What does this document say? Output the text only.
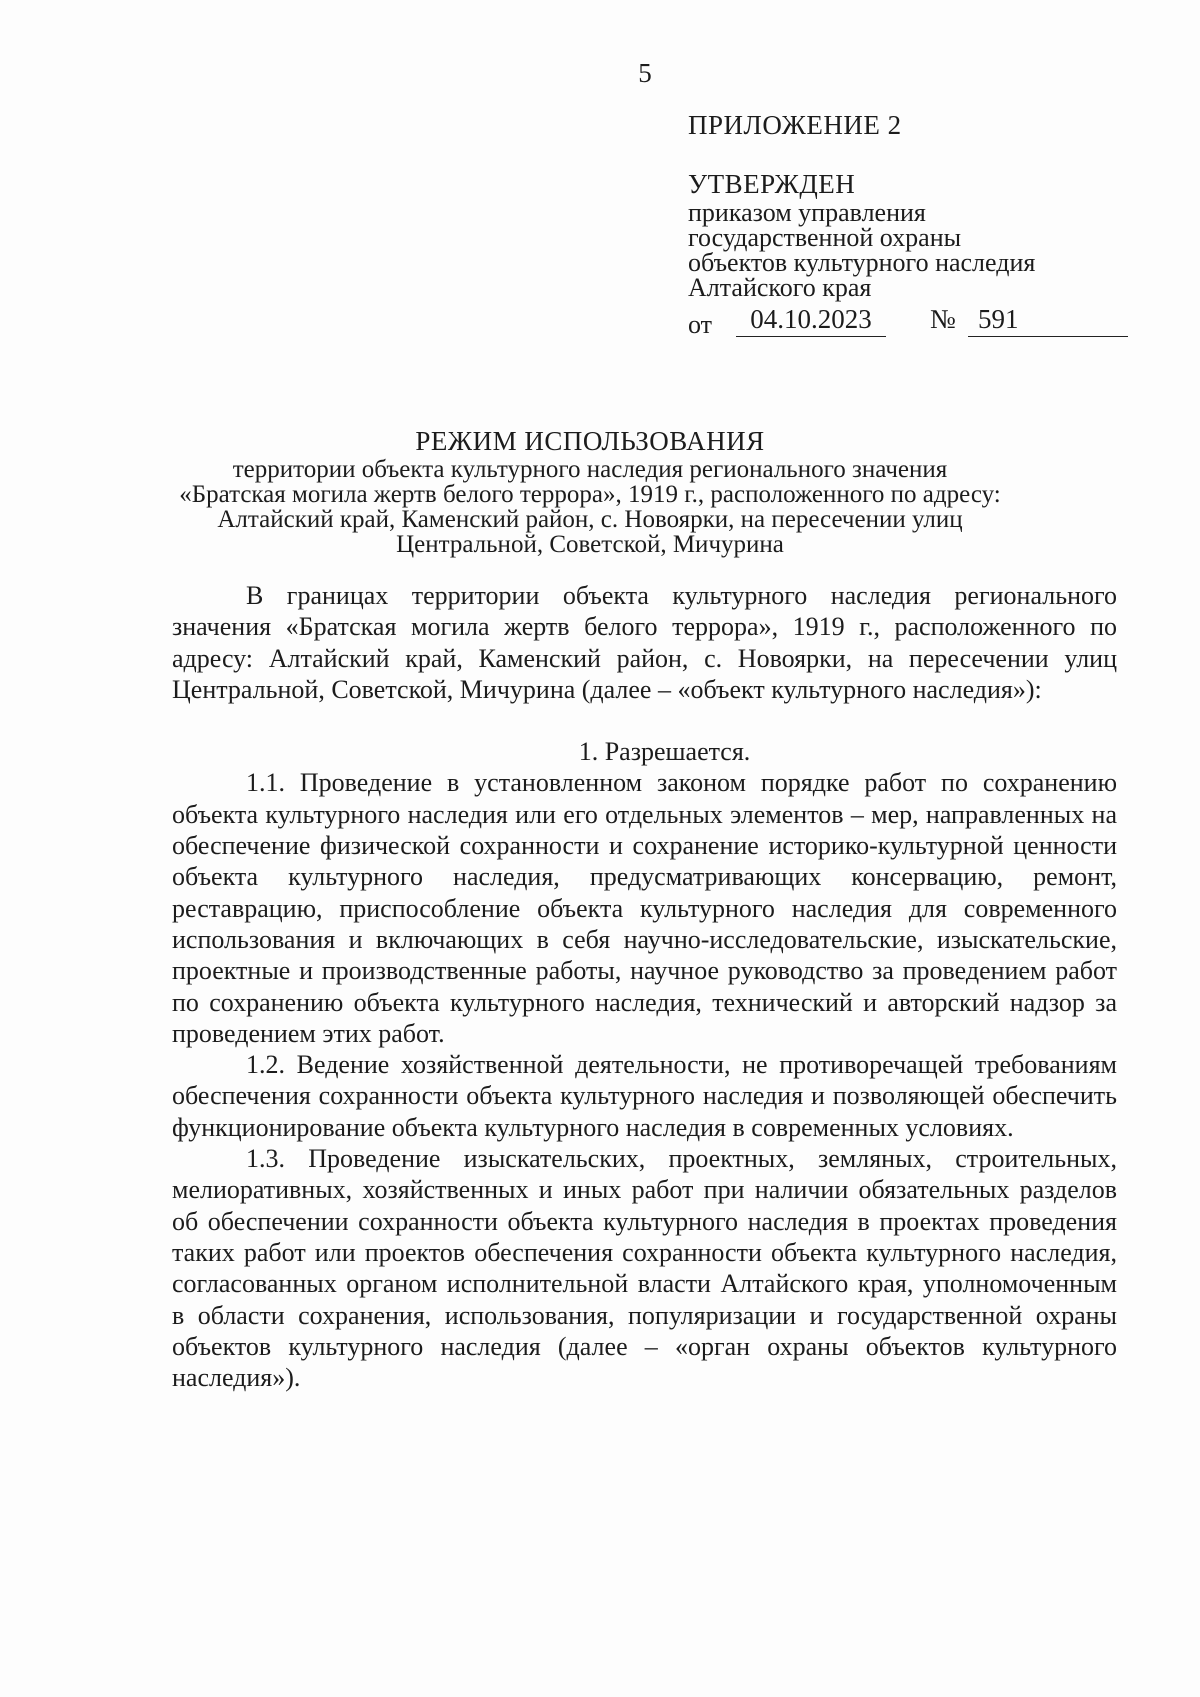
5
ПРИЛОЖЕНИЕ 2
УТВЕРЖДЕН
приказом управления
государственной охраны
объектов культурного наследия
Алтайского края
от	04.10.2023	№ 591
РЕЖИМ ИСПОЛЬЗОВАНИЯ
территории объекта культурного наследия регионального значения
«Братская могила жертв белого террора», 1919 г., расположенного по адресу:
Алтайский край, Каменский район, с. Новоярки, на пересечении улиц
Центральной, Советской, Мичурина

В границах территории объекта культурного наследия регионального значения «Братская могила жертв белого террора», 1919 г., расположенного по адресу: Алтайский край, Каменский район, с. Новоярки, на пересечении улиц Центральной, Советской, Мичурина (далее – «объект культурного наследия»):

1. Разрешается.

1.1. Проведение в установленном законом порядке работ по сохранению объекта культурного наследия или его отдельных элементов – мер, направленных на обеспечение физической сохранности и сохранение историко-культурной ценности объекта культурного наследия, предусматривающих консервацию, ремонт, реставрацию, приспособление объекта культурного наследия для современного использования и включающих в себя научно-исследовательские, изыскательские, проектные и производственные работы, научное руководство за проведением работ по сохранению объекта культурного наследия, технический и авторский надзор за проведением этих работ.

1.2. Ведение хозяйственной деятельности, не противоречащей требованиям обеспечения сохранности объекта культурного наследия и позволяющей обеспечить функционирование объекта культурного наследия в современных условиях.

1.3. Проведение изыскательских, проектных, земляных, строительных, мелиоративных, хозяйственных и иных работ при наличии обязательных разделов об обеспечении сохранности объекта культурного наследия в проектах проведения таких работ или проектов обеспечения сохранности объекта культурного наследия, согласованных органом исполнительной власти Алтайского края, уполномоченным в области сохранения, использования, популяризации и государственной охраны объектов культурного наследия (далее – «орган охраны объектов культурного наследия»).
